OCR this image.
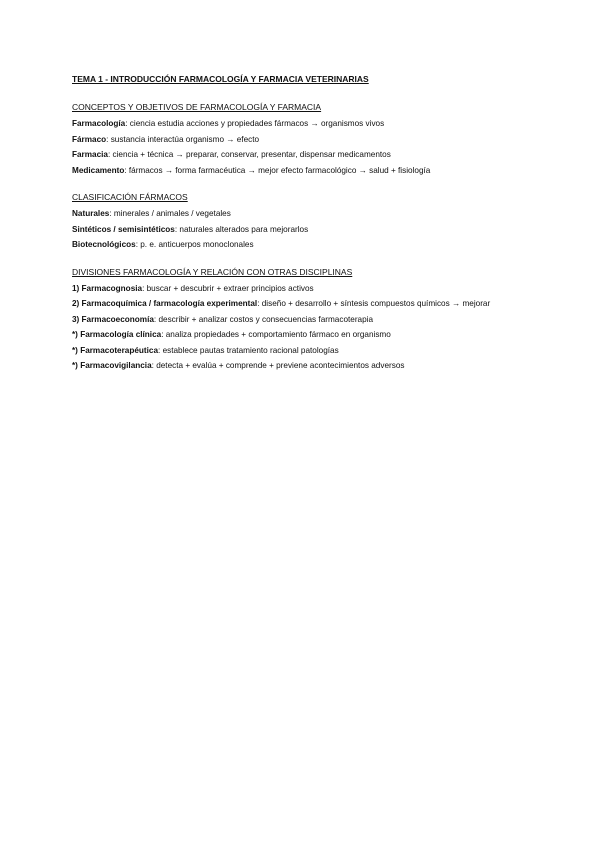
TEMA 1 - INTRODUCCIÓN FARMACOLOGÍA Y FARMACIA VETERINARIAS
CONCEPTOS Y OBJETIVOS DE FARMACOLOGÍA Y FARMACIA

Farmacología: ciencia estudia acciones y propiedades fármacos → organismos vivos

Fármaco: sustancia interactúa organismo → efecto

Farmacia: ciencia + técnica → preparar, conservar, presentar, dispensar medicamentos

Medicamento: fármacos → forma farmacéutica → mejor efecto farmacológico → salud + fisiología

CLASIFICACIÓN FÁRMACOS

Naturales: minerales / animales / vegetales

Sintéticos / semisintéticos: naturales alterados para mejorarlos

Biotecnológicos: p. e. anticuerpos monoclonales

DIVISIONES FARMACOLOGÍA Y RELACIÓN CON OTRAS DISCIPLINAS

1) Farmacognosia: buscar + descubrir + extraer principios activos

2) Farmacoquímica / farmacología experimental: diseño + desarrollo + síntesis compuestos químicos → mejorar

3) Farmacoeconomía: describir + analizar costos y consecuencias farmacoterapia

*) Farmacología clínica: analiza propiedades + comportamiento fármaco en organismo

*) Farmacoterapéutica: establece pautas tratamiento racional patologías

*) Farmacovigilancia: detecta + evalúa + comprende + previene acontecimientos adversos
